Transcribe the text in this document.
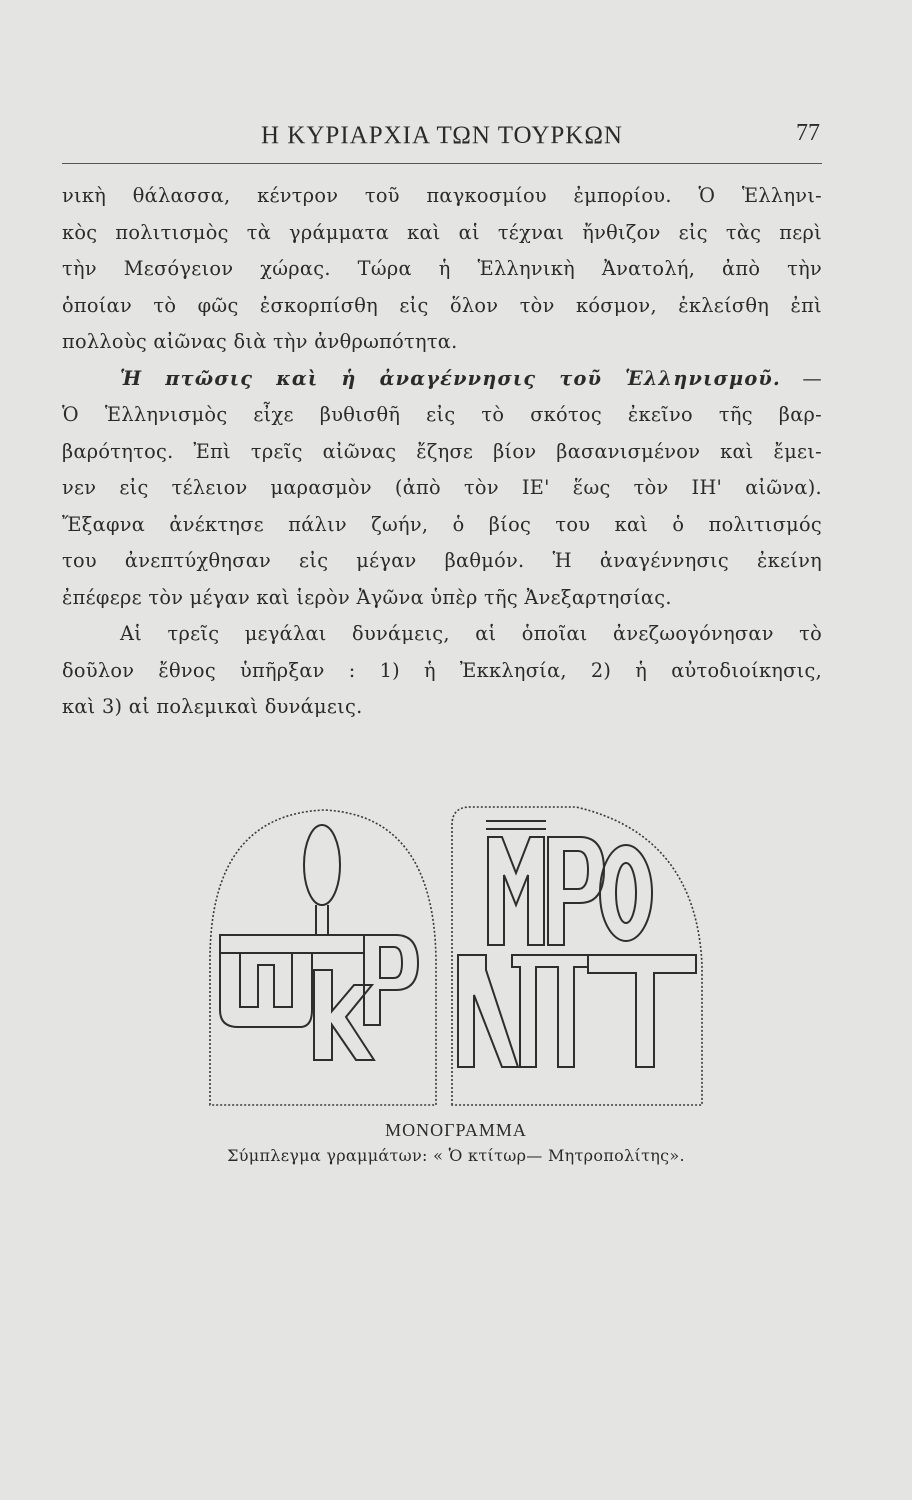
Η ΚΥΡΙΑΡΧΙΑ ΤΩΝ ΤΟΥΡΚΩΝ	77
νικὴ θάλασσα, κέντρον τοῦ παγκοσμίου ἐμπορίου. Ὁ Ἑλληνι-
κὸς πολιτισμὸς τὰ γράμματα καὶ αἱ τέχναι ἤνθιζον εἰς τὰς περὶ
τὴν Μεσόγειον χώρας. Τώρα ἡ Ἑλληνικὴ Ἀνατολή, ἀπὸ τὴν
ὁποίαν τὸ φῶς ἐσκορπίσθη εἰς ὅλον τὸν κόσμον, ἐκλείσθη ἐπὶ
πολλοὺς αἰῶνας διὰ τὴν ἀνθρωπότητα.
Ἡ πτῶσις καὶ ἡ ἀναγέννησις τοῦ Ἑλληνισμοῦ. —
Ὁ Ἑλληνισμὸς εἶχε βυθισθῆ εἰς τὸ σκότος ἐκεῖνο τῆς βαρ-
βαρότητος. Ἐπὶ τρεῖς αἰῶνας ἔζησε βίον βασανισμένον καὶ ἔμει-
νεν εἰς τέλειον μαρασμὸν (ἀπὸ τὸν ΙΕ' ἕως τὸν ΙΗ' αἰῶνα).
Ἔξαφνα ἀνέκτησε πάλιν ζωήν, ὁ βίος του καὶ ὁ πολιτισμός
του ἀνεπτύχθησαν εἰς μέγαν βαθμόν. Ἡ ἀναγέννησις ἐκείνη
ἐπέφερε τὸν μέγαν καὶ ἱερὸν Ἀγῶνα ὑπὲρ τῆς Ἀνεξαρτησίας.
Αἱ τρεῖς μεγάλαι δυνάμεις, αἱ ὁποῖαι ἀνεζωογόνησαν τὸ
δοῦλον ἔθνος ὑπῆρξαν : 1) ἡ Ἐκκλησία, 2) ἡ αὐτοδιοίκησις,
καὶ 3) αἱ πολεμικαὶ δυνάμεις.
ΜΟΝΟΓΡΑΜΜΑ
Σύμπλεγμα γραμμάτων: « Ὁ κτίτωρ— Μητροπολίτης».
